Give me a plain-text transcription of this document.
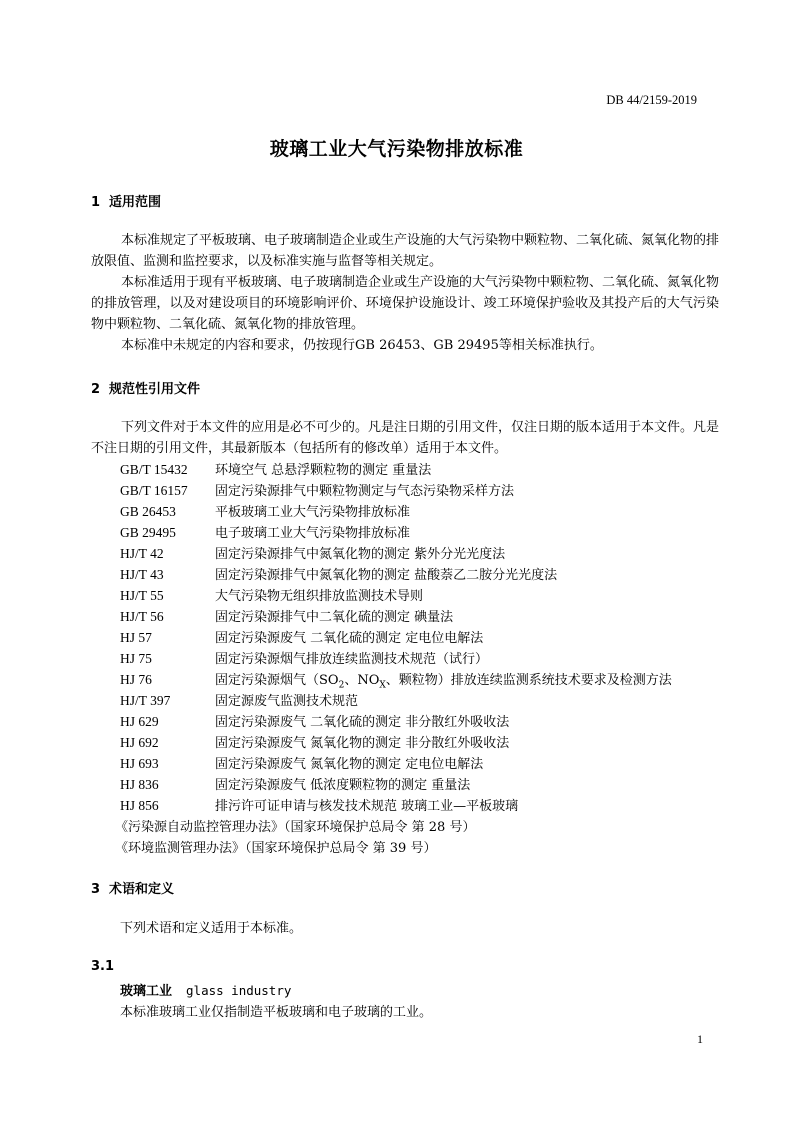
DB 44/2159-2019
玻璃工业大气污染物排放标准
1 适用范围
本标准规定了平板玻璃、电子玻璃制造企业或生产设施的大气污染物中颗粒物、二氧化硫、氮氧化物的排放限值、监测和监控要求，以及标准实施与监督等相关规定。
本标准适用于现有平板玻璃、电子玻璃制造企业或生产设施的大气污染物中颗粒物、二氧化硫、氮氧化物的排放管理，以及对建设项目的环境影响评价、环境保护设施设计、竣工环境保护验收及其投产后的大气污染物中颗粒物、二氧化硫、氮氧化物的排放管理。
本标准中未规定的内容和要求，仍按现行GB 26453、GB 29495等相关标准执行。
2 规范性引用文件
下列文件对于本文件的应用是必不可少的。凡是注日期的引用文件，仅注日期的版本适用于本文件。凡是不注日期的引用文件，其最新版本（包括所有的修改单）适用于本文件。
GB/T 15432 环境空气 总悬浮颗粒物的测定 重量法
GB/T 16157 固定污染源排气中颗粒物测定与气态污染物采样方法
GB 26453	平板玻璃工业大气污染物排放标准
GB 29495	电子玻璃工业大气污染物排放标准
HJ/T 42	固定污染源排气中氮氧化物的测定 紫外分光光度法
HJ/T 43	固定污染源排气中氮氧化物的测定 盐酸萘乙二胺分光光度法
HJ/T 55	大气污染物无组织排放监测技术导则
HJ/T 56	固定污染源排气中二氧化硫的测定 碘量法
HJ 57	固定污染源废气 二氧化硫的测定 定电位电解法
HJ 75	固定污染源烟气排放连续监测技术规范（试行）
HJ 76	固定污染源烟气（$SO_2$、$NO_X$、颗粒物）排放连续监测系统技术要求及检测方法
HJ/T 397	固定源废气监测技术规范
HJ 629	固定污染源废气 二氧化硫的测定 非分散红外吸收法
HJ 692	固定污染源废气 氮氧化物的测定 非分散红外吸收法
HJ 693	固定污染源废气 氮氧化物的测定 定电位电解法
HJ 836	固定污染源废气 低浓度颗粒物的测定 重量法
HJ 856	排污许可证申请与核发技术规范 玻璃工业—平板玻璃
《污染源自动监控管理办法》（国家环境保护总局令 第 28 号）
《环境监测管理办法》（国家环境保护总局令 第 39 号）
3 术语和定义
下列术语和定义适用于本标准。
3.1
玻璃工业 glass industry
本标准玻璃工业仅指制造平板玻璃和电子玻璃的工业。
1
